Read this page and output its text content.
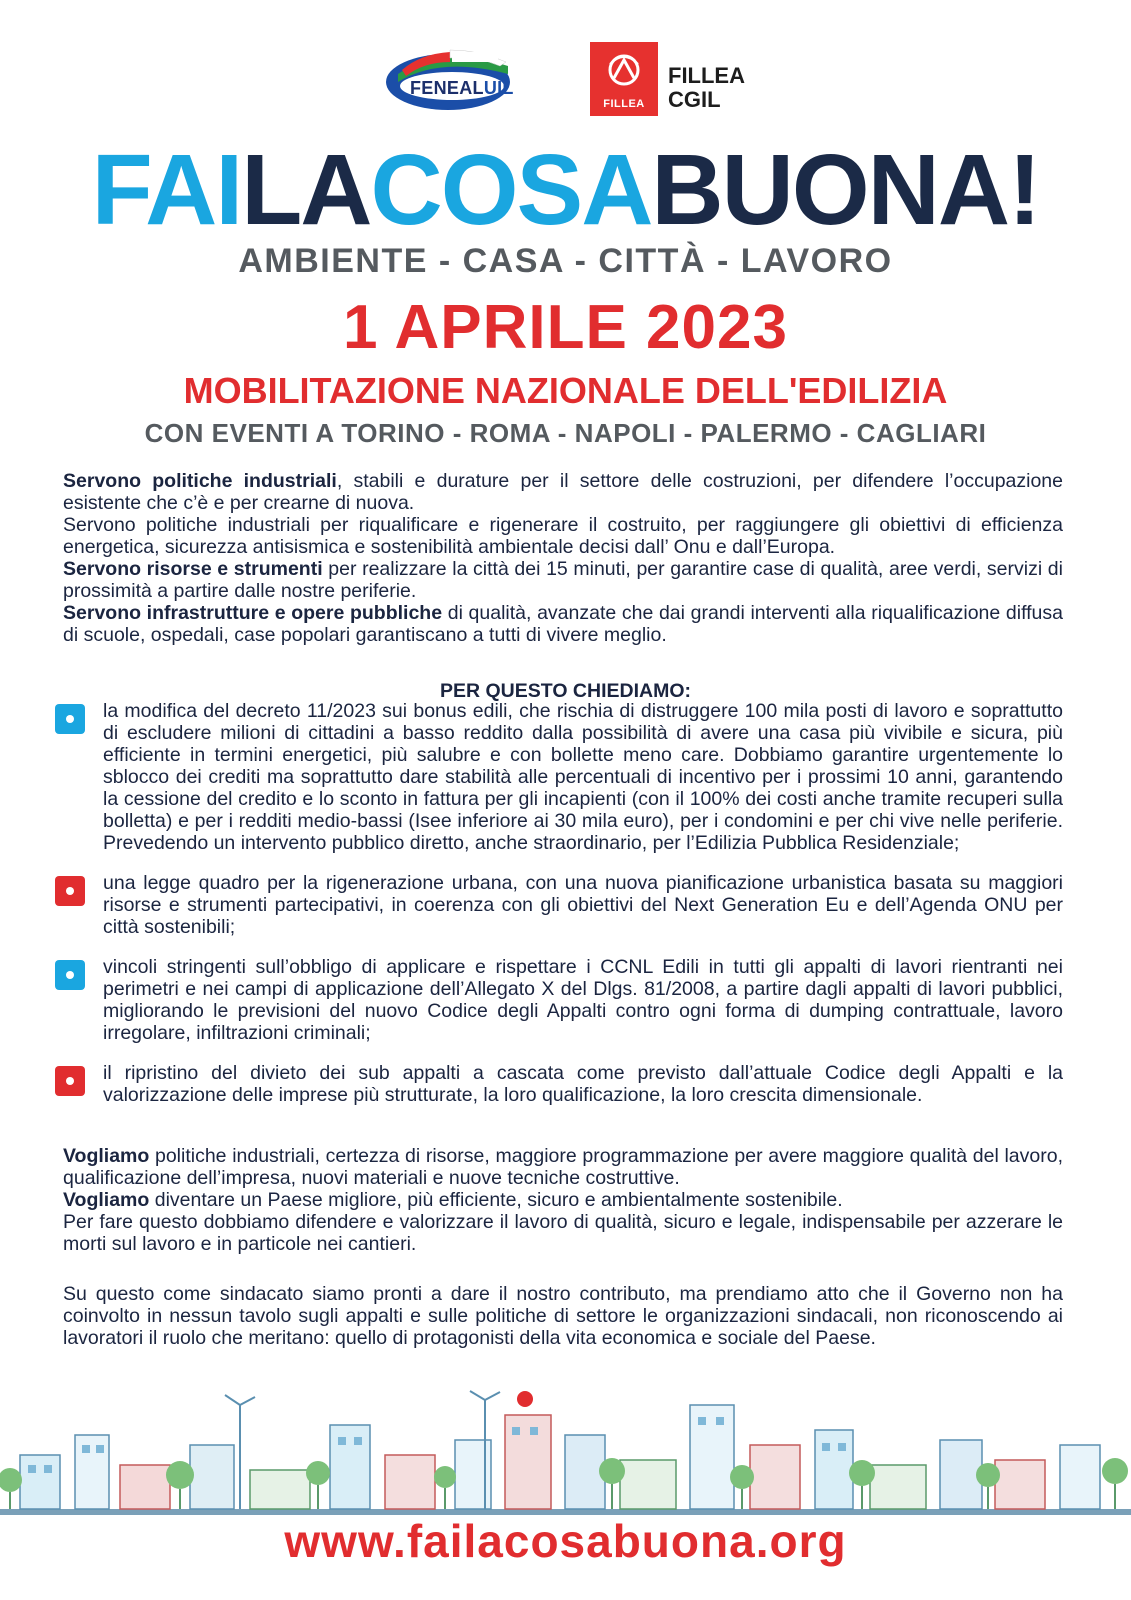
FENEALUIL
FILLEA
FILLEA
CGIL
FAILACOSABUONA!
AMBIENTE - CASA - CITTÀ - LAVORO
1 APRILE 2023
MOBILITAZIONE NAZIONALE DELL'EDILIZIA
CON EVENTI A TORINO - ROMA - NAPOLI - PALERMO - CAGLIARI

Servono politiche industriali, stabili e durature per il settore delle costruzioni, per difendere l’occupazione esistente che c’è e per crearne di nuova.

Servono politiche industriali per riqualificare e rigenerare il costruito, per raggiungere gli obiettivi di efficienza energetica, sicurezza antisismica e sostenibilità ambientale decisi dall’ Onu e dall’Europa.

Servono risorse e strumenti per realizzare la città dei 15 minuti, per garantire case di qualità, aree verdi, servizi di prossimità a partire dalle nostre periferie.

Servono infrastrutture e opere pubbliche di qualità, avanzate che dai grandi interventi alla riqualificazione diffusa di scuole, ospedali, case popolari garantiscano a tutti di vivere meglio.

PER QUESTO CHIEDIAMO:
la modifica del decreto 11/2023 sui bonus edili, che rischia di distruggere 100 mila posti di lavoro e soprattutto di escludere milioni di cittadini a basso reddito dalla possibilità di avere una casa più vivibile e sicura, più efficiente in termini energetici, più salubre e con bollette meno care. Dobbiamo garantire urgentemente lo sblocco dei crediti ma soprattutto dare stabilità alle percentuali di incentivo per i prossimi 10 anni, garantendo la cessione del credito e lo sconto in fattura per gli incapienti (con il 100% dei costi anche tramite recuperi sulla bolletta) e per i redditi medio-bassi (Isee inferiore ai 30 mila euro), per i condomini e per chi vive nelle periferie. Prevedendo un intervento pubblico diretto, anche straordinario, per l’Edilizia Pubblica Residenziale;
una legge quadro per la rigenerazione urbana, con una nuova pianificazione urbanistica basata su maggiori risorse e strumenti partecipativi, in coerenza con gli obiettivi del Next Generation Eu e dell’Agenda ONU per città sostenibili;
vincoli stringenti sull’obbligo di applicare e rispettare i CCNL Edili in tutti gli appalti di lavori rientranti nei perimetri e nei campi di applicazione dell’Allegato X del Dlgs. 81/2008, a partire dagli appalti di lavori pubblici, migliorando le previsioni del nuovo Codice degli Appalti contro ogni forma di dumping contrattuale, lavoro irregolare, infiltrazioni criminali;
il ripristino del divieto dei sub appalti a cascata come previsto dall’attuale Codice degli Appalti e la valorizzazione delle imprese più strutturate, la loro qualificazione, la loro crescita dimensionale.

Vogliamo politiche industriali, certezza di risorse, maggiore programmazione per avere maggiore qualità del lavoro, qualificazione dell’impresa, nuovi materiali e nuove tecniche costruttive.

Vogliamo diventare un Paese migliore, più efficiente, sicuro e ambientalmente sostenibile.

Per fare questo dobbiamo difendere e valorizzare il lavoro di qualità, sicuro e legale, indispensabile per azzerare le morti sul lavoro e in particole nei cantieri.

Su questo come sindacato siamo pronti a dare il nostro contributo, ma prendiamo atto che il Governo non ha coinvolto in nessun tavolo sugli appalti e sulle politiche di settore le organizzazioni sindacali, non riconoscendo ai lavoratori il ruolo che meritano: quello di protagonisti della vita economica e sociale del Paese.
www.failacosabuona.org
